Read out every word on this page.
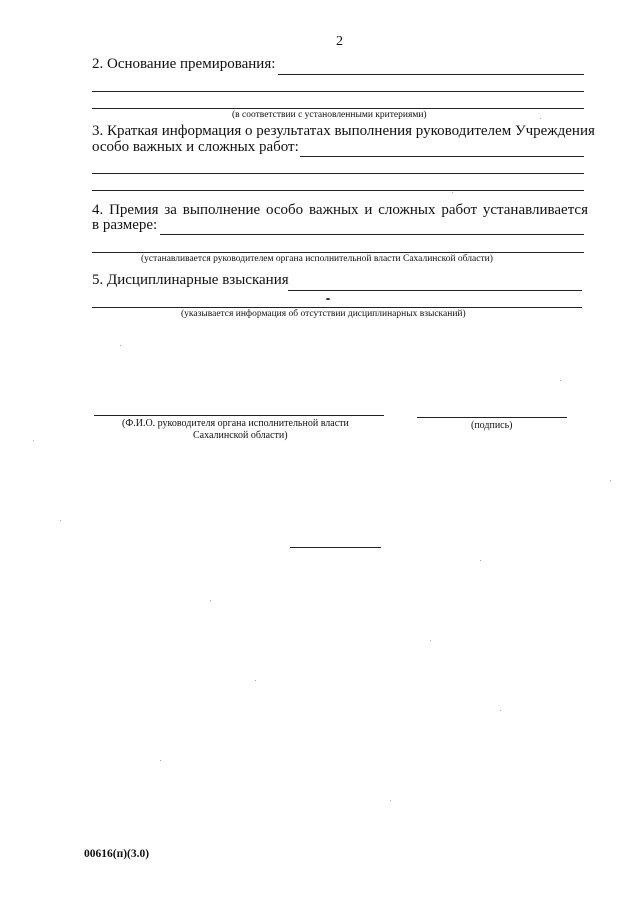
2
2. Основание премирования:
(в соответствии с установленными критериями)
3. Краткая информация о результатах выполнения руководителем Учреждения
особо важных и сложных работ:
4. Премия за выполнение особо важных и сложных работ устанавливается
в размере:
(устанавливается руководителем органа исполнительной власти Сахалинской области)
5. Дисциплинарные взыскания
(указывается информация об отсутствии дисциплинарных взысканий)
(Ф.И.О. руководителя органа исполнительной власти
Сахалинской области)
(подпись)
00616(п)(3.0)
